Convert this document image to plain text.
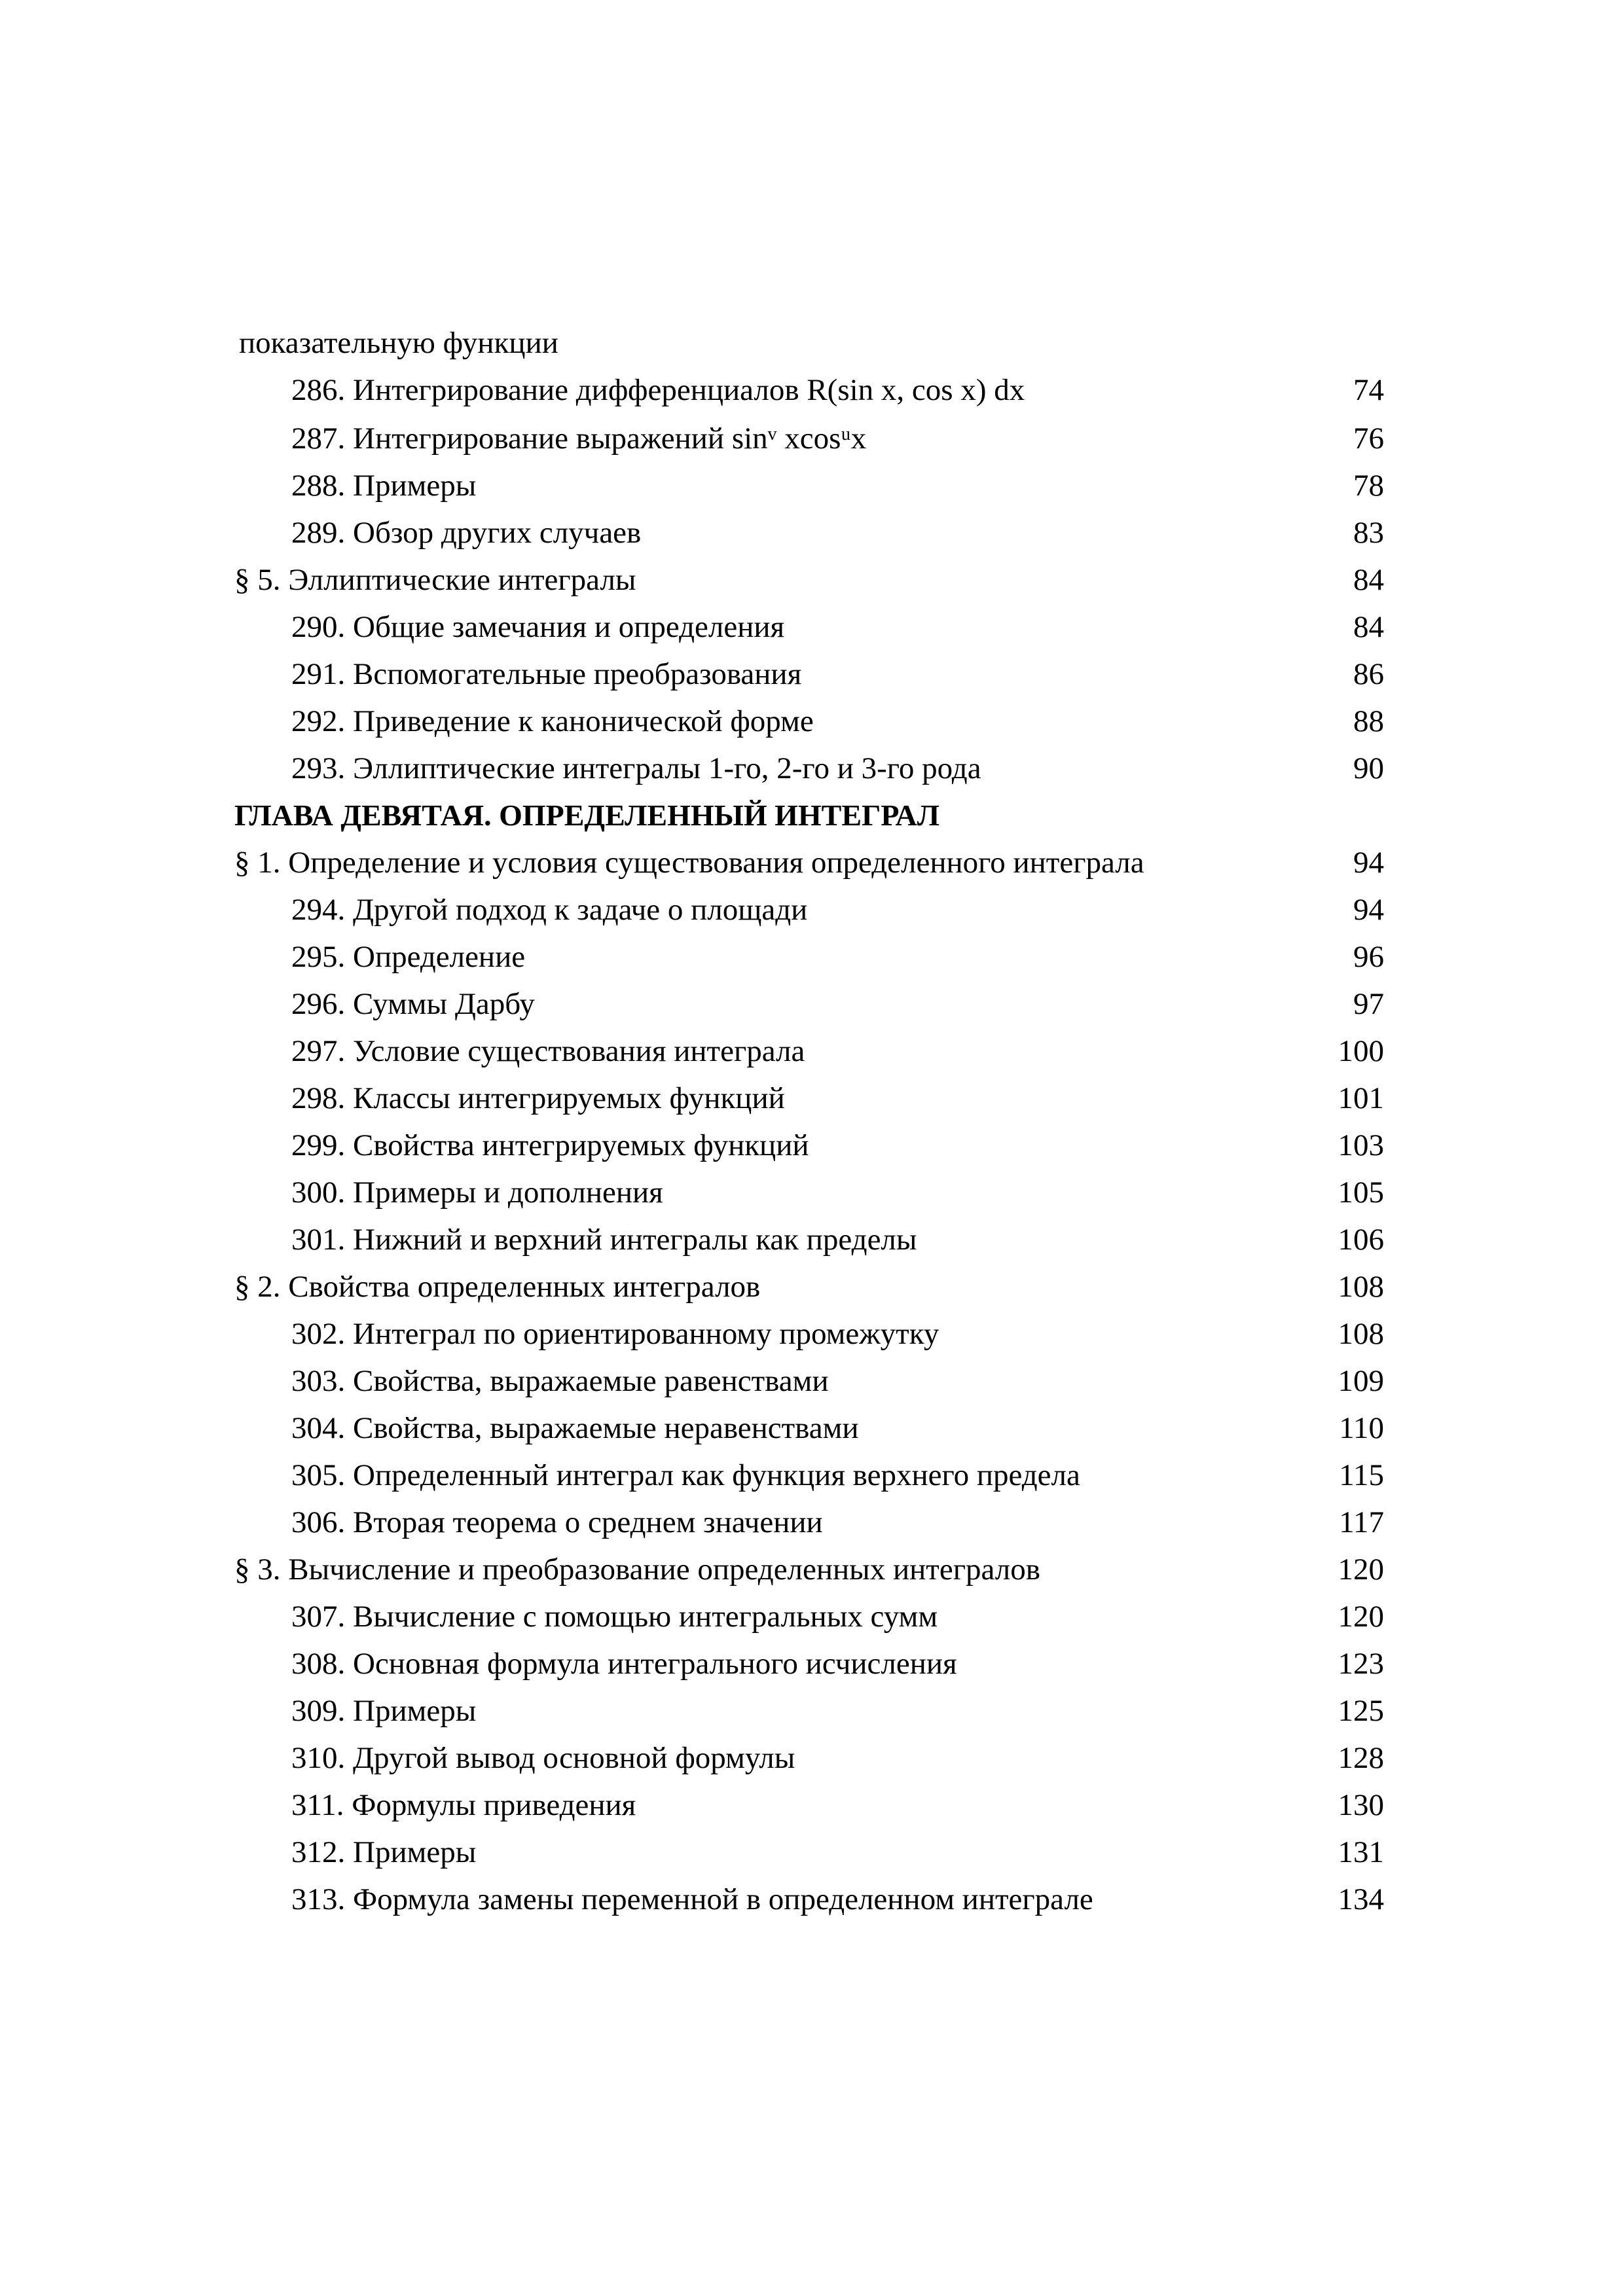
показательную функции
286. Интегрирование дифференциалов R(sin x, cos x) dx	74
287. Интегрирование выражений sinᵛ xcosᵘx	76
288. Примеры	78
289. Обзор других случаев	83
§ 5. Эллиптические интегралы	84
290. Общие замечания и определения	84
291. Вспомогательные преобразования	86
292. Приведение к канонической форме	88
293. Эллиптические интегралы 1-го, 2-го и 3-го рода	90
ГЛАВА ДЕВЯТАЯ. ОПРЕДЕЛЕННЫЙ ИНТЕГРАЛ
§ 1. Определение и условия существования определенного интеграла	94
294. Другой подход к задаче о площади	94
295. Определение	96
296. Суммы Дарбу	97
297. Условие существования интеграла	100
298. Классы интегрируемых функций	101
299. Свойства интегрируемых функций	103
300. Примеры и дополнения	105
301. Нижний и верхний интегралы как пределы	106
§ 2. Свойства определенных интегралов	108
302. Интеграл по ориентированному промежутку	108
303. Свойства, выражаемые равенствами	109
304. Свойства, выражаемые неравенствами	110
305. Определенный интеграл как функция верхнего предела	115
306. Вторая теорема о среднем значении	117
§ 3. Вычисление и преобразование определенных интегралов	120
307. Вычисление с помощью интегральных сумм	120
308. Основная формула интегрального исчисления	123
309. Примеры	125
310. Другой вывод основной формулы	128
311. Формулы приведения	130
312. Примеры	131
313. Формула замены переменной в определенном интеграле	134
